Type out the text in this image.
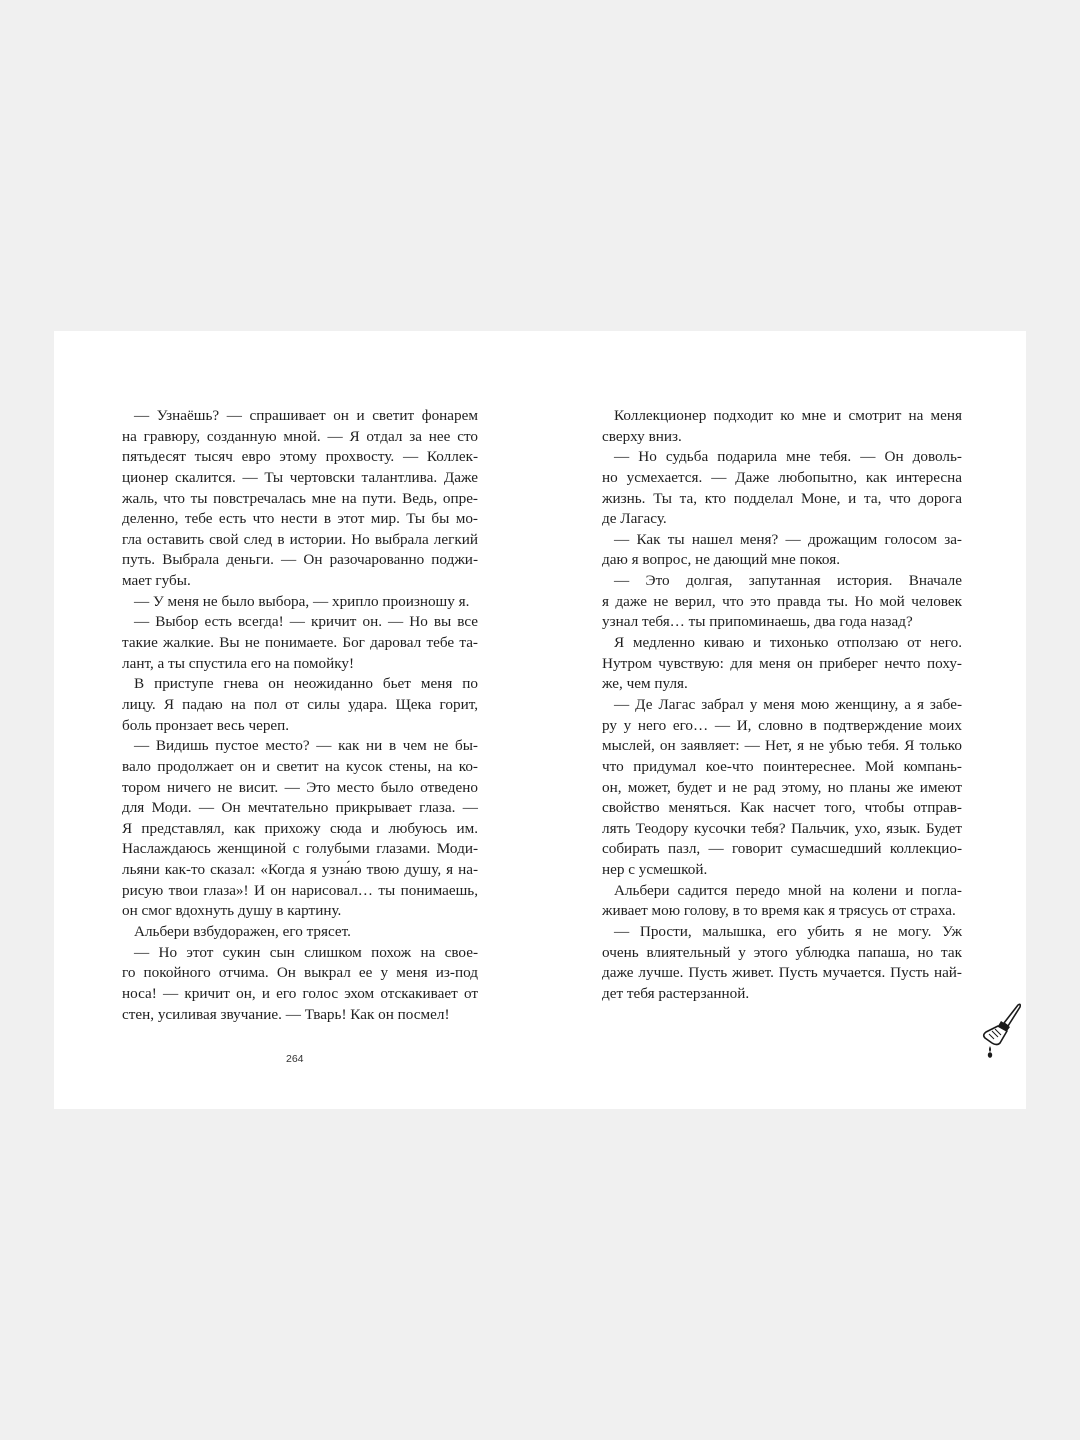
— Узнаёшь? — спрашивает он и светит фонарем
на гравюру, созданную мной. — Я отдал за нее сто
пятьдесят тысяч евро этому прохвосту. — Коллек-
ционер скалится. — Ты чертовски талантлива. Даже
жаль, что ты повстречалась мне на пути. Ведь, опре-
деленно, тебе есть что нести в этот мир. Ты бы мо-
гла оставить свой след в истории. Но выбрала легкий
путь. Выбрала деньги. — Он разочарованно поджи-
мает губы.
— У меня не было выбора, — хрипло произношу я.
— Выбор есть всегда! — кричит он. — Но вы все
такие жалкие. Вы не понимаете. Бог даровал тебе та-
лант, а ты спустила его на помойку!
В приступе гнева он неожиданно бьет меня по
лицу. Я падаю на пол от силы удара. Щека горит,
боль пронзает весь череп.
— Видишь пустое место? — как ни в чем не бы-
вало продолжает он и светит на кусок стены, на ко-
тором ничего не висит. — Это место было отведено
для Моди. — Он мечтательно прикрывает глаза. —
Я представлял, как прихожу сюда и любуюсь им.
Наслаждаюсь женщиной с голубыми глазами. Моди-
льяни как-то сказал: «Когда я узна́ю твою душу, я на-
рисую твои глаза»! И он нарисовал… ты понимаешь,
он смог вдохнуть душу в картину.
Альбери взбудоражен, его трясет.
— Но этот сукин сын слишком похож на свое-
го покойного отчима. Он выкрал ее у меня из-под
носа! — кричит он, и его голос эхом отскакивает от
стен, усиливая звучание. — Тварь! Как он посмел!
264
Коллекционер подходит ко мне и смотрит на меня
сверху вниз.
— Но судьба подарила мне тебя. — Он доволь-
но усмехается. — Даже любопытно, как интересна
жизнь. Ты та, кто подделал Моне, и та, что дорога
де Лагасу.
— Как ты нашел меня? — дрожащим голосом за-
даю я вопрос, не дающий мне покоя.
— Это долгая, запутанная история. Вначале
я даже не верил, что это правда ты. Но мой человек
узнал тебя… ты припоминаешь, два года назад?
Я медленно киваю и тихонько отползаю от него.
Нутром чувствую: для меня он приберег нечто поху-
же, чем пуля.
— Де Лагас забрал у меня мою женщину, а я забе-
ру у него его… — И, словно в подтверждение моих
мыслей, он заявляет: — Нет, я не убью тебя. Я только
что придумал кое-что поинтереснее. Мой компань-
он, может, будет и не рад этому, но планы же имеют
свойство меняться. Как насчет того, чтобы отправ-
лять Теодору кусочки тебя? Пальчик, ухо, язык. Будет
собирать пазл, — говорит сумасшедший коллекцио-
нер с усмешкой.
Альбери садится передо мной на колени и погла-
живает мою голову, в то время как я трясусь от страха.
— Прости, малышка, его убить я не могу. Уж
очень влиятельный у этого ублюдка папаша, но так
даже лучше. Пусть живет. Пусть мучается. Пусть най-
дет тебя растерзанной.
